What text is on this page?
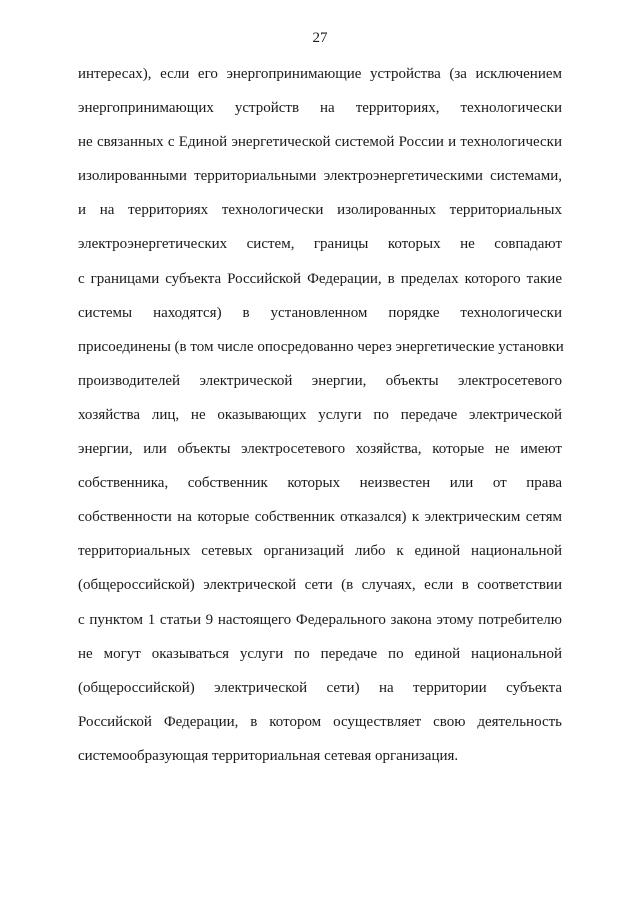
27
интересах), если его энергопринимающие устройства (за исключением
энергопринимающих устройств на территориях, технологически
не связанных с Единой энергетической системой России и технологически
изолированными территориальными электроэнергетическими системами,
и на территориях технологически изолированных территориальных
электроэнергетических систем, границы которых не совпадают
с границами субъекта Российской Федерации, в пределах которого такие
системы находятся) в установленном порядке технологически
присоединены (в том числе опосредованно через энергетические установки
производителей электрической энергии, объекты электросетевого
хозяйства лиц, не оказывающих услуги по передаче электрической
энергии, или объекты электросетевого хозяйства, которые не имеют
собственника, собственник которых неизвестен или от права
собственности на которые собственник отказался) к электрическим сетям
территориальных сетевых организаций либо к единой национальной
(общероссийской) электрической сети (в случаях, если в соответствии
с пунктом 1 статьи 9 настоящего Федерального закона этому потребителю
не могут оказываться услуги по передаче по единой национальной
(общероссийской) электрической сети) на территории субъекта
Российской Федерации, в котором осуществляет свою деятельность
системообразующая территориальная сетевая организация.
